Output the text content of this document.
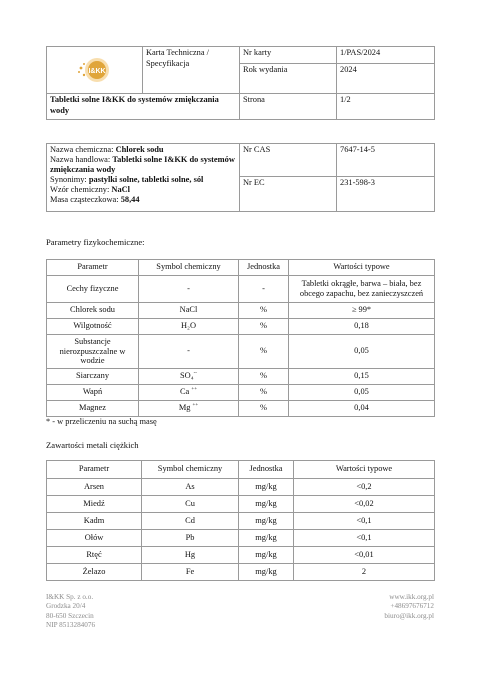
I&KK	Karta Techniczna / Specyfikacja	Nr karty	1/PAS/2024
		Rok wydania	2024
Tabletki solne I&KK do systemów zmiękczania wody		Strona	1/2
Nazwa chemiczna: Chlorek sodu
Nazwa handlowa: Tabletki solne I&KK do systemów zmiękczania wody
Synonimy: pastylki solne, tabletki solne, sól
Wzór chemiczny: NaCl
Masa cząsteczkowa: 58,44	Nr CAS	7647-14-5
	Nr EC	231-598-3
Parametry fizykochemiczne:
Parametr	Symbol chemiczny	Jednostka	Wartości typowe
Cechy fizyczne	-	-	Tabletki okrągłe, barwa – biała, bez obcego zapachu, bez zanieczyszczeń
Chlorek sodu	NaCl	%	≥ 99*
Wilgotność	H₂O	%	0,18
Substancje nierozpuszczalne w wodzie	-	%	0,05
Siarczany	SO₄--	%	0,15
Wapń	Ca ++	%	0,05
Magnez	Mg ++	%	0,04
* - w przeliczeniu na suchą masę
Zawartości metali ciężkich
Parametr	Symbol chemiczny	Jednostka	Wartości typowe
Arsen	As	mg/kg	<0,2
Miedź	Cu	mg/kg	<0,02
Kadm	Cd	mg/kg	<0,1
Ołów	Pb	mg/kg	<0,1
Rtęć	Hg	mg/kg	<0,01
Żelazo	Fe	mg/kg	2
I&KK Sp. z o.o.
Grodzka 20/4
80-650 Szczecin
NIP 8513284076
www.ikk.org.pl
+48697676712
biuro@ikk.org.pl
